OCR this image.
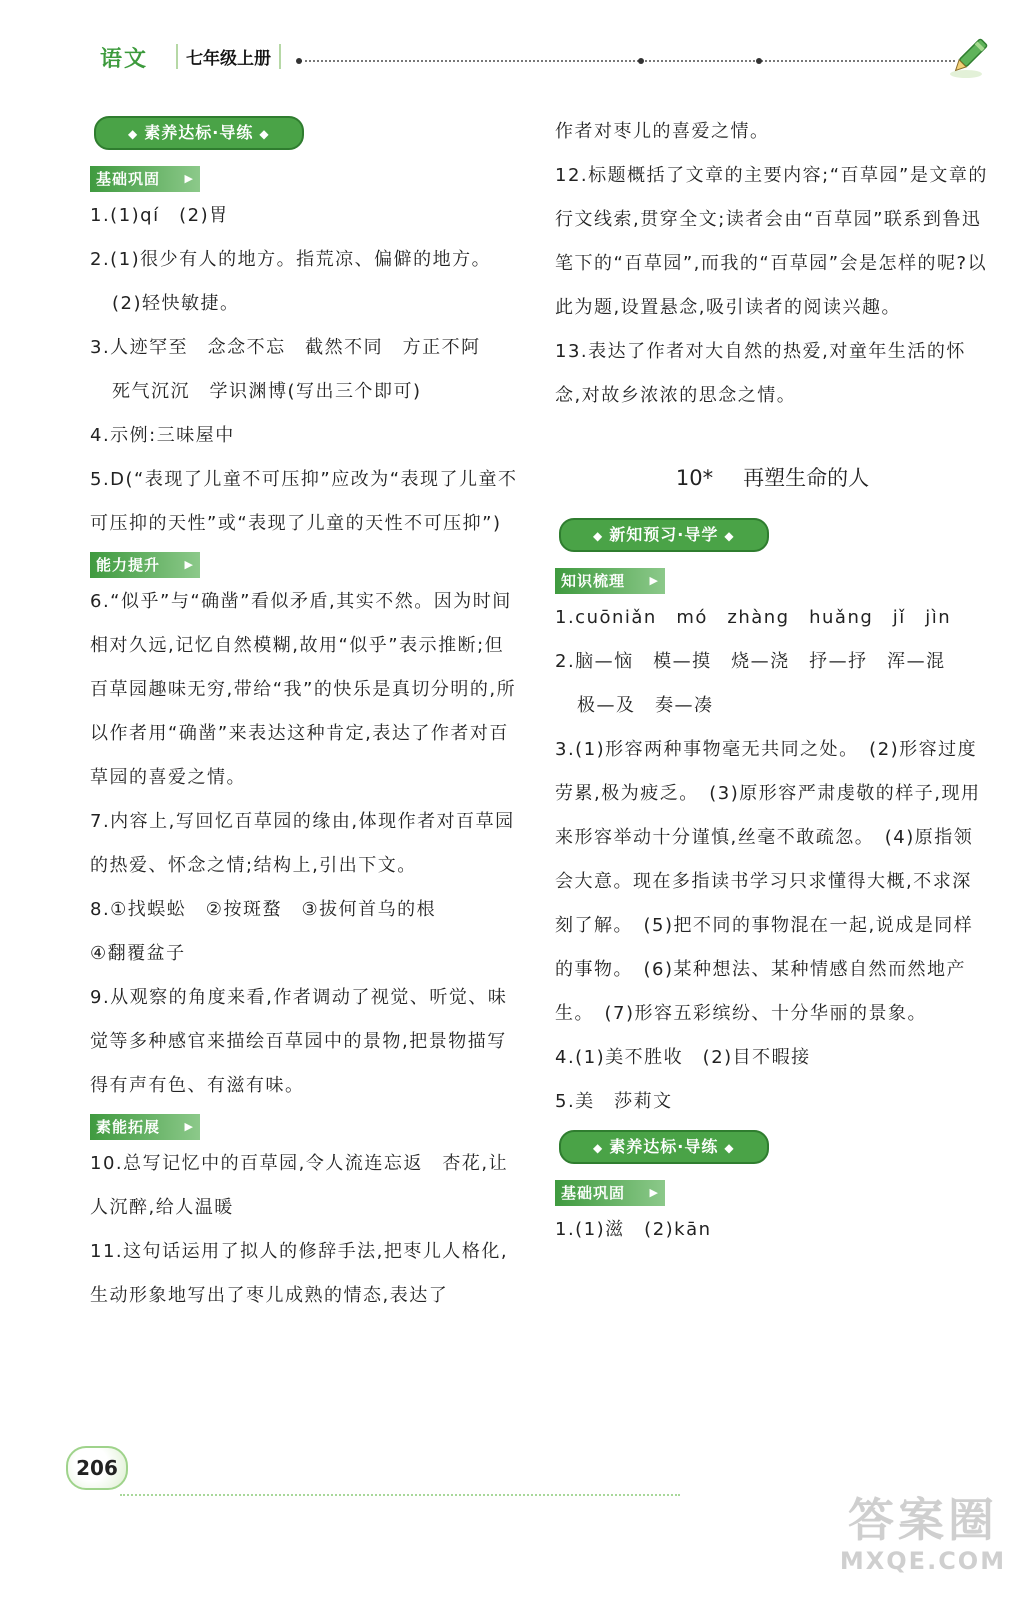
语文	七年级上册
◆ 素养达标·导练 ◆
基础巩固 ▶

1.(1)qí　(2)胃

2.(1)很少有人的地方。指荒凉、偏僻的地方。

(2)轻快敏捷。

3.人迹罕至　念念不忘　截然不同　方正不阿

死气沉沉　学识渊博(写出三个即可)

4.示例:三味屋中

5.D(“表现了儿童不可压抑”应改为“表现了儿童不可压抑的天性”或“表现了儿童的天性不可压抑”)

能力提升 ▶

6.“似乎”与“确凿”看似矛盾,其实不然。因为时间相对久远,记忆自然模糊,故用“似乎”表示推断;但百草园趣味无穷,带给“我”的快乐是真切分明的,所以作者用“确凿”来表达这种肯定,表达了作者对百草园的喜爱之情。

7.内容上,写回忆百草园的缘由,体现作者对百草园的热爱、怀念之情;结构上,引出下文。

8.①找蜈蚣　②按斑蝥　③拔何首乌的根

④翻覆盆子

9.从观察的角度来看,作者调动了视觉、听觉、味觉等多种感官来描绘百草园中的景物,把景物描写得有声有色、有滋有味。

素能拓展 ▶

10.总写记忆中的百草园,令人流连忘返　杏花,让人沉醉,给人温暖

11.这句话运用了拟人的修辞手法,把枣儿人格化,生动形象地写出了枣儿成熟的情态,表达了

作者对枣儿的喜爱之情。

12.标题概括了文章的主要内容;“百草园”是文章的行文线索,贯穿全文;读者会由“百草园”联系到鲁迅笔下的“百草园”,而我的“百草园”会是怎样的呢?以此为题,设置悬念,吸引读者的阅读兴趣。

13.表达了作者对大自然的热爱,对童年生活的怀念,对故乡浓浓的思念之情。

10* 再塑生命的人
◆ 新知预习·导学 ◆
知识梳理 ▶

1.cuōniǎn　mó　zhàng　huǎng　jǐ　jìn

2.脑—恼　模—摸　烧—浇　抒—抒　浑—混

极—及　奏—凑

3.(1)形容两种事物毫无共同之处。　(2)形容过度劳累,极为疲乏。　(3)原形容严肃虔敬的样子,现用来形容举动十分谨慎,丝毫不敢疏忽。　(4)原指领会大意。现在多指读书学习只求懂得大概,不求深刻了解。　(5)把不同的事物混在一起,说成是同样的事物。　(6)某种想法、某种情感自然而然地产生。　(7)形容五彩缤纷、十分华丽的景象。

4.(1)美不胜收　(2)目不暇接

5.美　莎莉文

◆ 素养达标·导练 ◆
基础巩固 ▶

1.(1)滋　(2)kān

206
答案圈
MXQE.COM
